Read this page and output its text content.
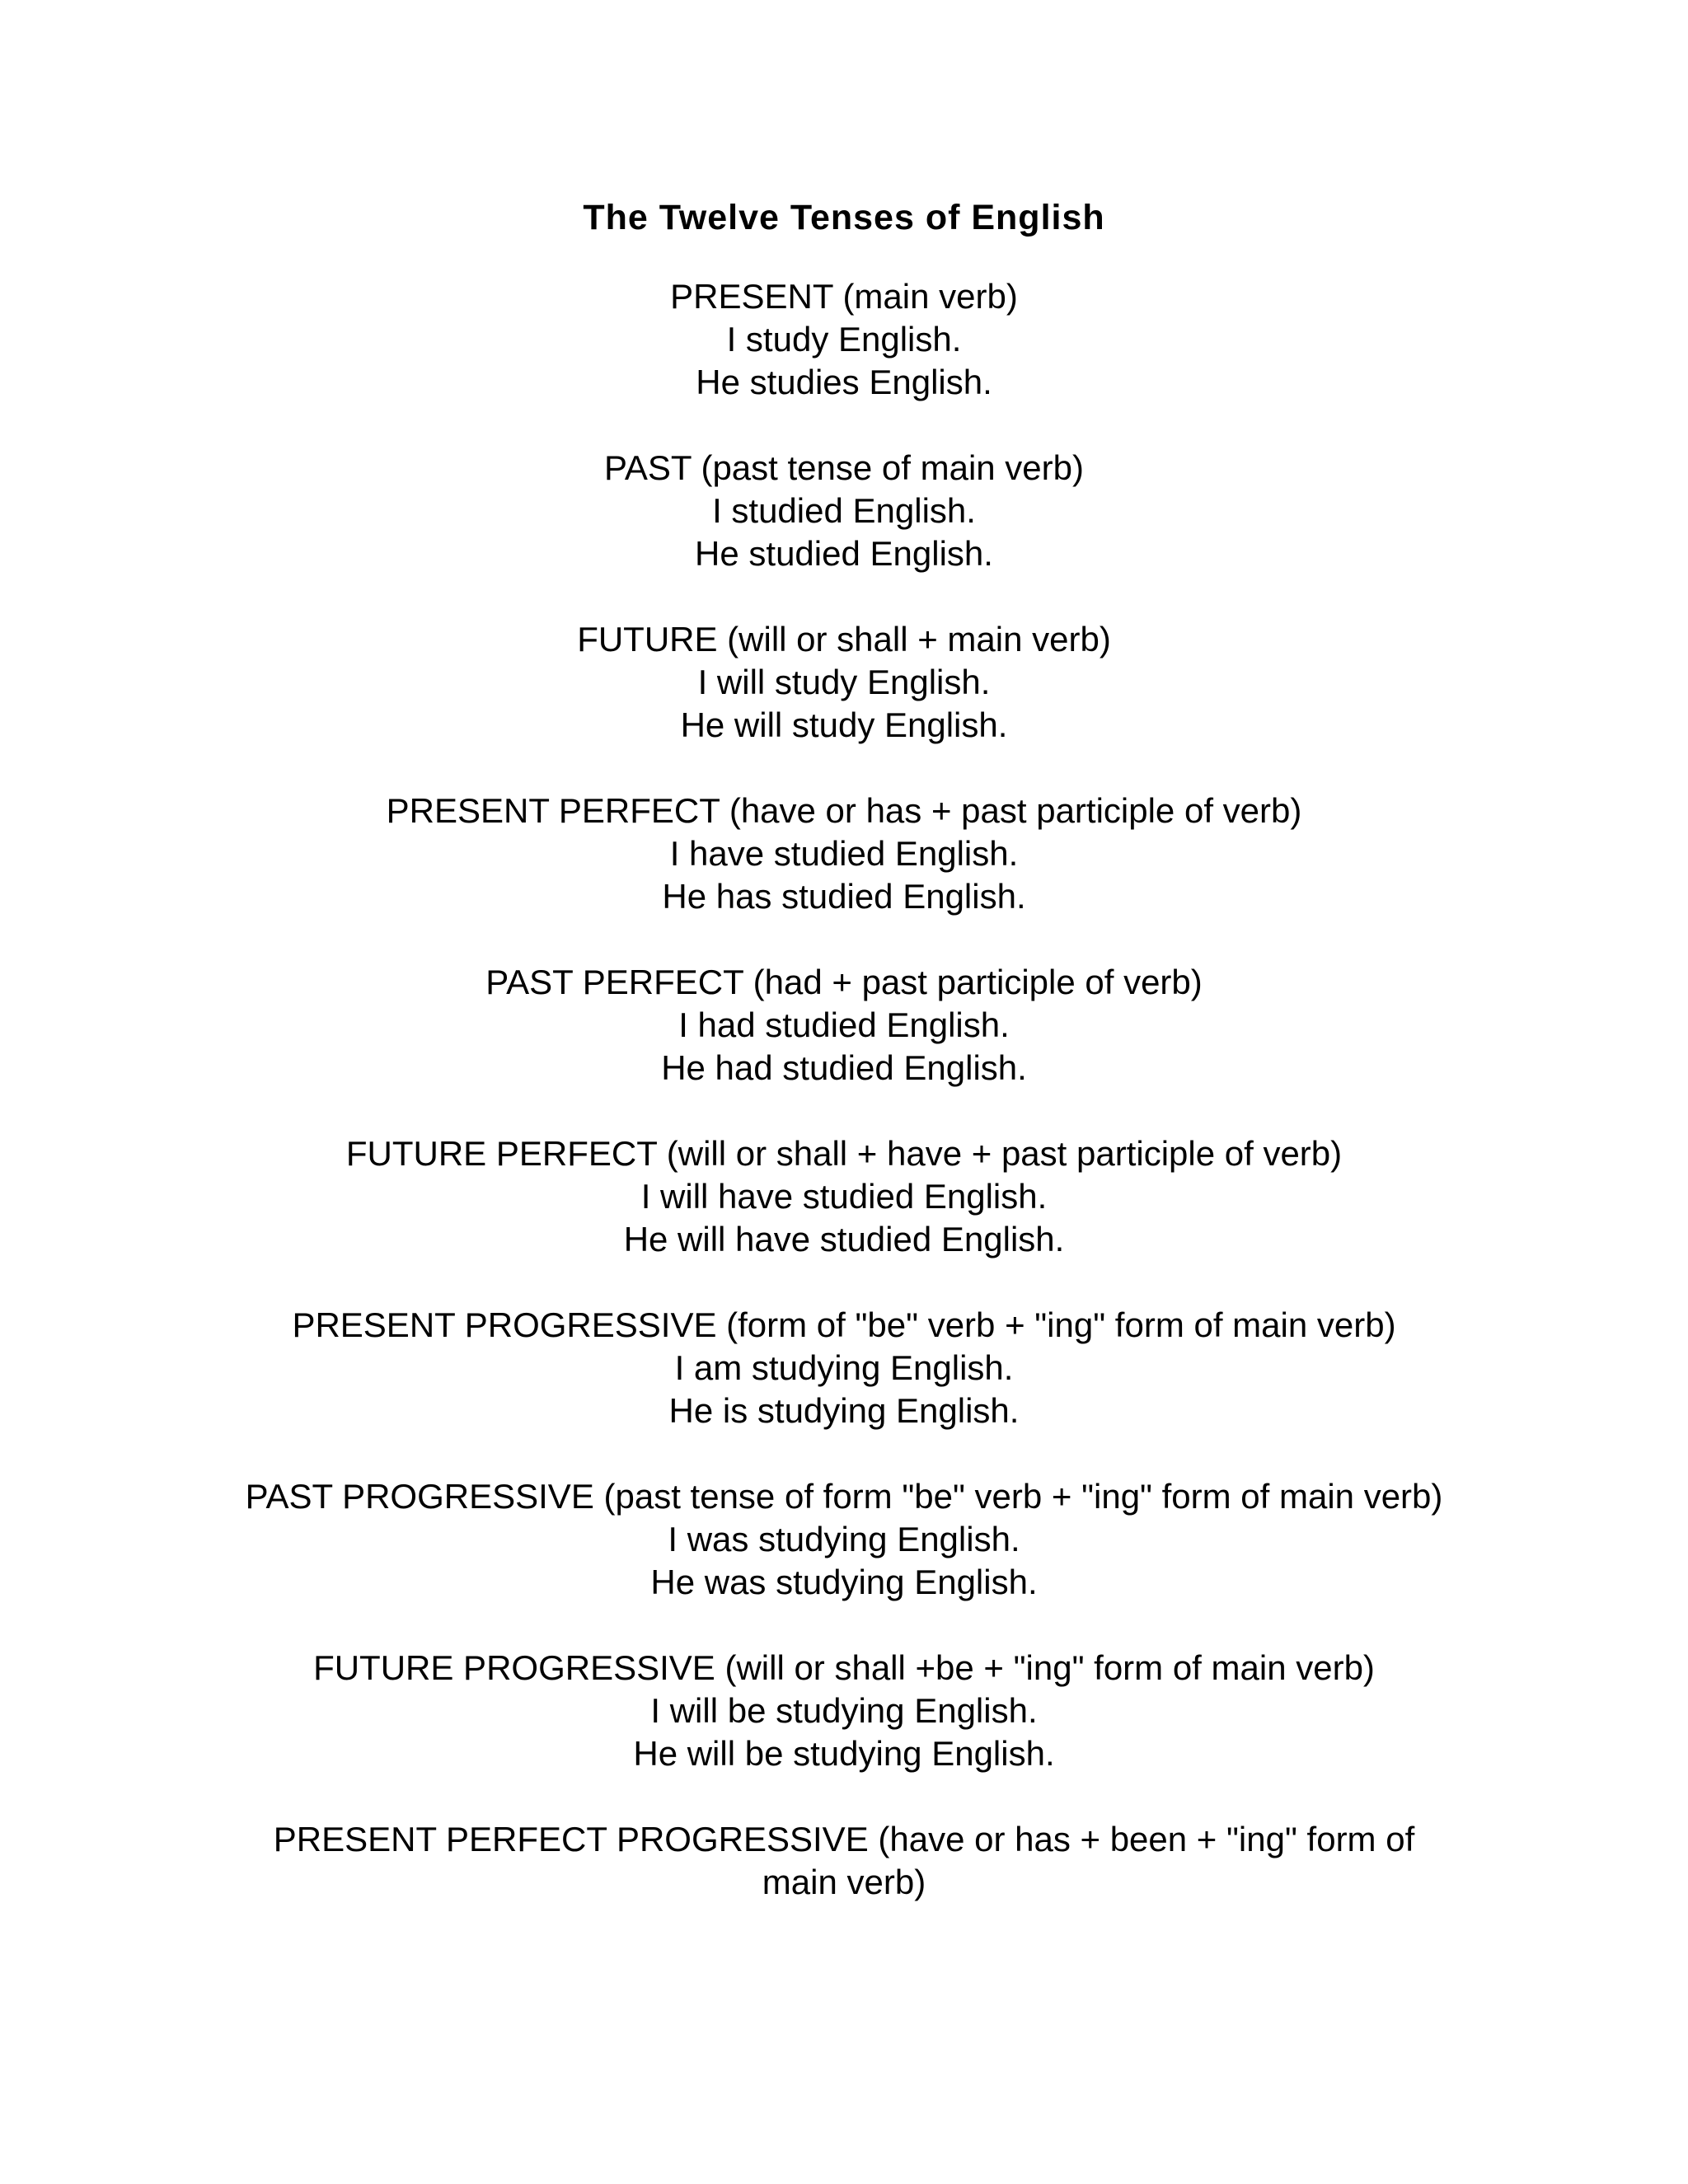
The Twelve Tenses of English
PRESENT (main verb)
I study English.
He studies English.
PAST (past tense of main verb)
I studied English.
He studied English.
FUTURE (will or shall + main verb)
I will study English.
He will study English.
PRESENT PERFECT (have or has + past participle of verb)
I have studied English.
He has studied English.
PAST PERFECT (had + past participle of verb)
I had studied English.
He had studied English.
FUTURE PERFECT (will or shall + have + past participle of verb)
I will have studied English.
He will have studied English.
PRESENT PROGRESSIVE (form of "be" verb + "ing" form of main verb)
I am studying English.
He is studying English.
PAST PROGRESSIVE (past tense of form "be" verb + "ing" form of main verb)
I was studying English.
He was studying English.
FUTURE PROGRESSIVE (will or shall +be + "ing" form of main verb)
I will be studying English.
He will be studying English.
PRESENT PERFECT PROGRESSIVE (have or has + been + "ing" form of main verb)
